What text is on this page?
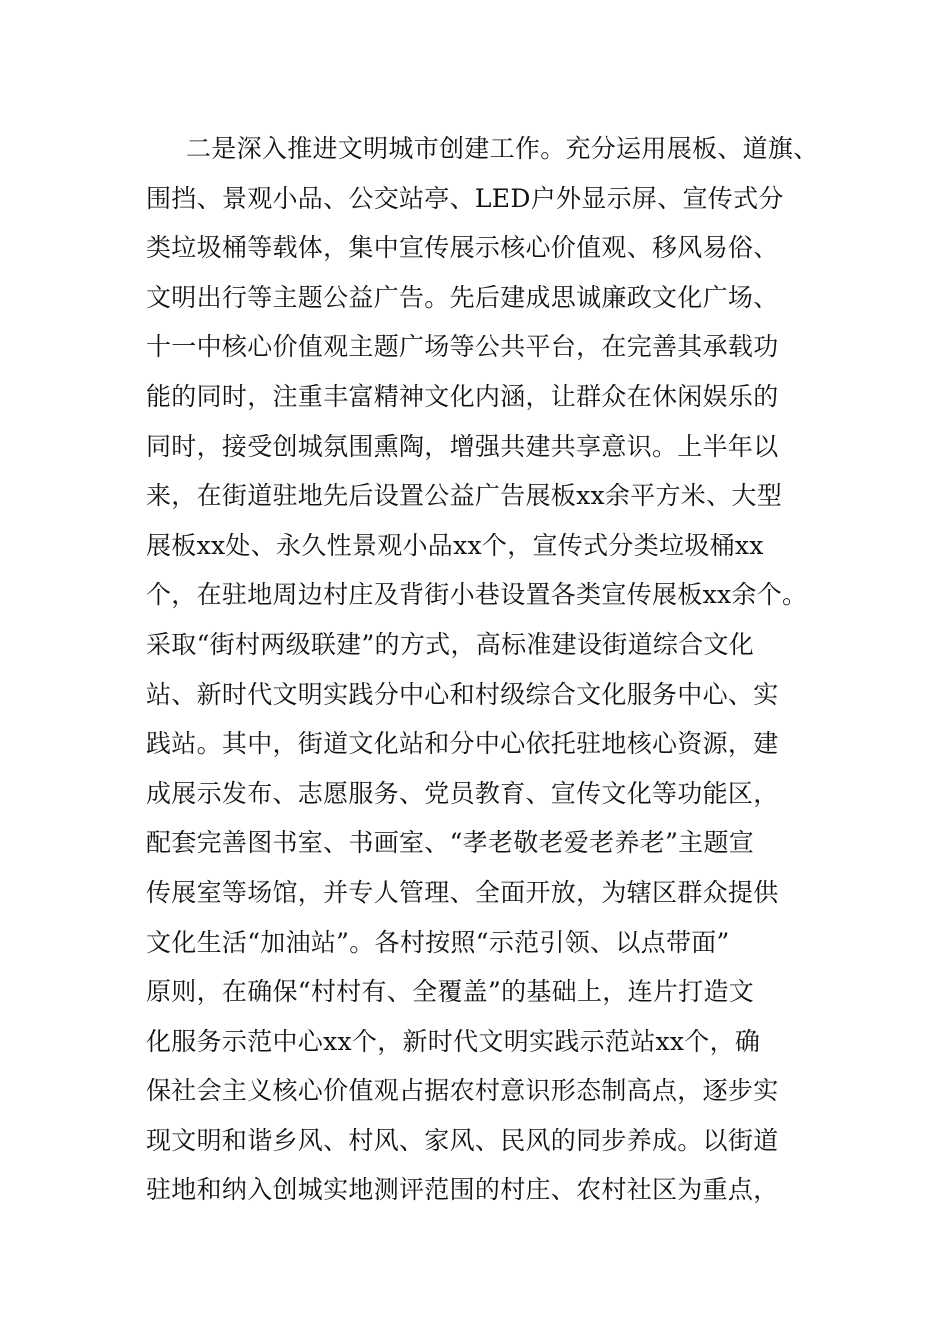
二是深入推进文明城市创建工作。充分运用展板、道旗、
围挡、景观小品、公交站亭、LED户外显示屏、宣传式分
类垃圾桶等载体，集中宣传展示核心价值观、移风易俗、
文明出行等主题公益广告。先后建成思诚廉政文化广场、
十一中核心价值观主题广场等公共平台，在完善其承载功
能的同时，注重丰富精神文化内涵，让群众在休闲娱乐的
同时，接受创城氛围熏陶，增强共建共享意识。上半年以
来，在街道驻地先后设置公益广告展板xx余平方米、大型
展板xx处、永久性景观小品xx个，宣传式分类垃圾桶xx
个，在驻地周边村庄及背街小巷设置各类宣传展板xx余个。
采取“街村两级联建”的方式，高标准建设街道综合文化
站、新时代文明实践分中心和村级综合文化服务中心、实
践站。其中，街道文化站和分中心依托驻地核心资源，建
成展示发布、志愿服务、党员教育、宣传文化等功能区，
配套完善图书室、书画室、“孝老敬老爱老养老”主题宣
传展室等场馆，并专人管理、全面开放，为辖区群众提供
文化生活“加油站”。各村按照“示范引领、以点带面”
原则，在确保“村村有、全覆盖”的基础上，连片打造文
化服务示范中心xx个，新时代文明实践示范站xx个，确
保社会主义核心价值观占据农村意识形态制高点，逐步实
现文明和谐乡风、村风、家风、民风的同步养成。以街道
驻地和纳入创城实地测评范围的村庄、农村社区为重点，
